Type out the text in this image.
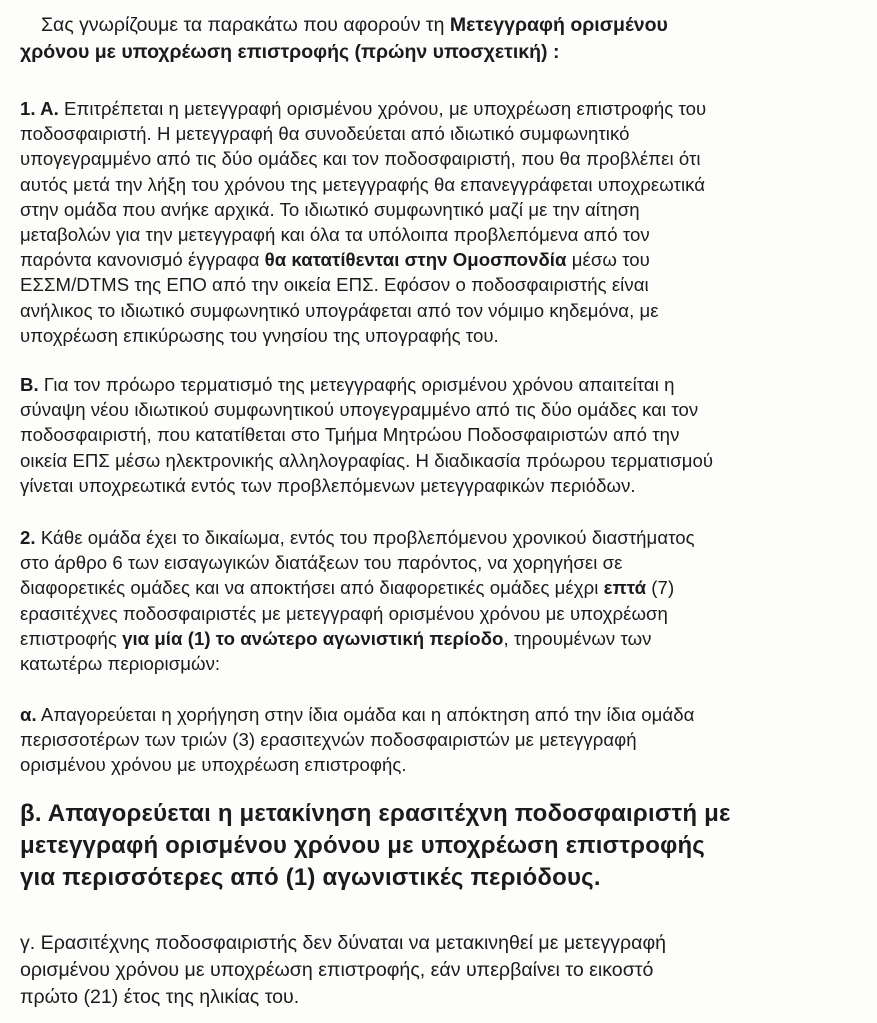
Σας γνωρίζουμε τα παρακάτω που αφορούν τη Μετεγγραφή ορισμένου
χρόνου με υποχρέωση επιστροφής (πρώην υποσχετική) :

1. Α. Επιτρέπεται η μετεγγραφή ορισμένου χρόνου, με υποχρέωση επιστροφής του
ποδοσφαιριστή. Η μετεγγραφή θα συνοδεύεται από ιδιωτικό συμφωνητικό
υπογεγραμμένο από τις δύο ομάδες και τον ποδοσφαιριστή, που θα προβλέπει ότι
αυτός μετά την λήξη του χρόνου της μετεγγραφής θα επανεγγράφεται υποχρεωτικά
στην ομάδα που ανήκε αρχικά. Το ιδιωτικό συμφωνητικό μαζί με την αίτηση
μεταβολών για την μετεγγραφή και όλα τα υπόλοιπα προβλεπόμενα από τον
παρόντα κανονισμό έγγραφα θα κατατίθενται στην Ομοσπονδία μέσω του
ΕΣΣΜ/DTMS της ΕΠΟ από την οικεία ΕΠΣ. Εφόσον ο ποδοσφαιριστής είναι
ανήλικος το ιδιωτικό συμφωνητικό υπογράφεται από τον νόμιμο κηδεμόνα, με
υποχρέωση επικύρωσης του γνησίου της υπογραφής του.

Β. Για τον πρόωρο τερματισμό της μετεγγραφής ορισμένου χρόνου απαιτείται η
σύναψη νέου ιδιωτικού συμφωνητικού υπογεγραμμένο από τις δύο ομάδες και τον
ποδοσφαιριστή, που κατατίθεται στο Τμήμα Μητρώου Ποδοσφαιριστών από την
οικεία ΕΠΣ μέσω ηλεκτρονικής αλληλογραφίας. Η διαδικασία πρόωρου τερματισμού
γίνεται υποχρεωτικά εντός των προβλεπόμενων μετεγγραφικών περιόδων.

2. Κάθε ομάδα έχει το δικαίωμα, εντός του προβλεπόμενου χρονικού διαστήματος
στο άρθρο 6 των εισαγωγικών διατάξεων του παρόντος, να χορηγήσει σε
διαφορετικές ομάδες και να αποκτήσει από διαφορετικές ομάδες μέχρι επτά (7)
ερασιτέχνες ποδοσφαιριστές με μετεγγραφή ορισμένου χρόνου με υποχρέωση
επιστροφής για μία (1) το ανώτερο αγωνιστική περίοδο, τηρουμένων των
κατωτέρω περιορισμών:

α. Απαγορεύεται η χορήγηση στην ίδια ομάδα και η απόκτηση από την ίδια ομάδα
περισσοτέρων των τριών (3) ερασιτεχνών ποδοσφαιριστών με μετεγγραφή
ορισμένου χρόνου με υποχρέωση επιστροφής.

β. Απαγορεύεται η μετακίνηση ερασιτέχνη ποδοσφαιριστή με
μετεγγραφή ορισμένου χρόνου με υποχρέωση επιστροφής
για περισσότερες από (1) αγωνιστικές περιόδους.

γ. Ερασιτέχνης ποδοσφαιριστής δεν δύναται να μετακινηθεί με μετεγγραφή
ορισμένου χρόνου με υποχρέωση επιστροφής, εάν υπερβαίνει το εικοστό
πρώτο (21) έτος της ηλικίας του.
